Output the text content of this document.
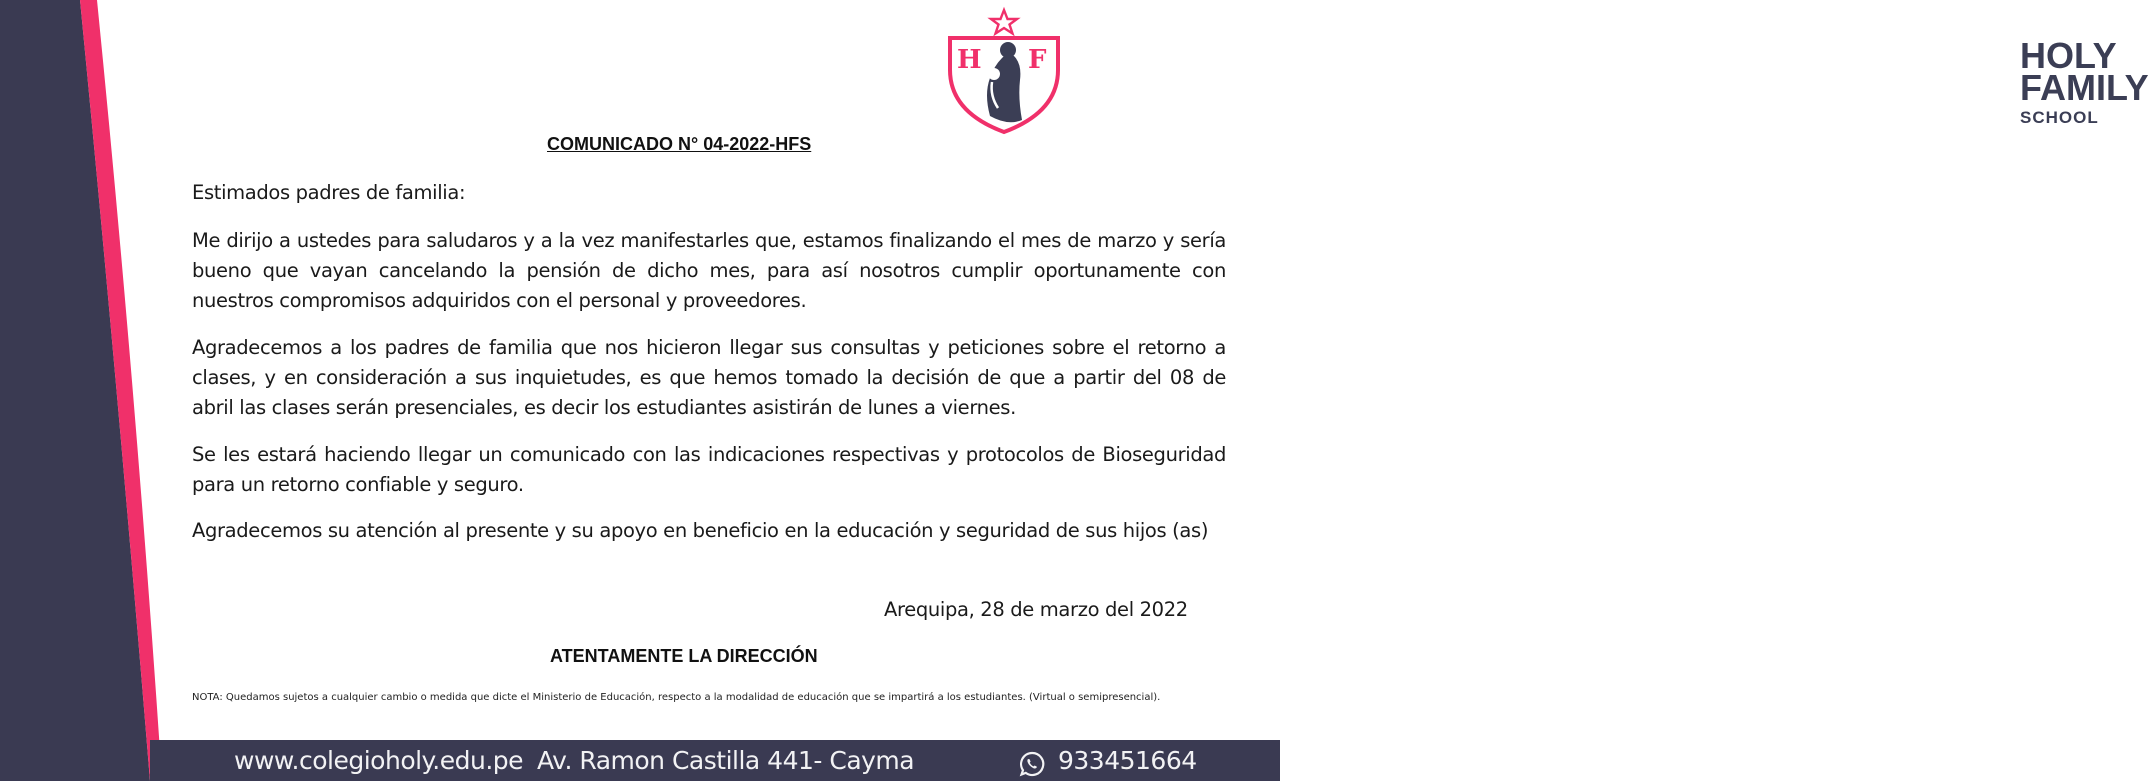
www.colegioholy.edu.pe Av. Ramon Castilla 441- Cayma	933451664
H F	HOLY
FAMILY
SCHOOL
COMUNICADO N° 04-2022-HFS

Estimados padres de familia:

Me dirijo a ustedes para saludaros y a la vez manifestarles que, estamos finalizando el mes de marzo y sería bueno que vayan cancelando la pensión de dicho mes, para así nosotros cumplir oportunamente con nuestros compromisos adquiridos con el personal y proveedores.

Agradecemos a los padres de familia que nos hicieron llegar sus consultas y peticiones sobre el retorno a clases, y en consideración a sus inquietudes, es que hemos tomado la decisión de que a partir del 08 de abril las clases serán presenciales, es decir los estudiantes asistirán de lunes a viernes.

Se les estará haciendo llegar un comunicado con las indicaciones respectivas y protocolos de Bioseguridad para un retorno confiable y seguro.

Agradecemos su atención al presente y su apoyo en beneficio en la educación y seguridad de sus hijos (as)

Arequipa, 28 de marzo del 2022
ATENTAMENTE LA DIRECCIÓN
NOTA: Quedamos sujetos a cualquier cambio o medida que dicte el Ministerio de Educación, respecto a la modalidad de educación que se impartirá a los estudiantes. (Virtual o semipresencial).
